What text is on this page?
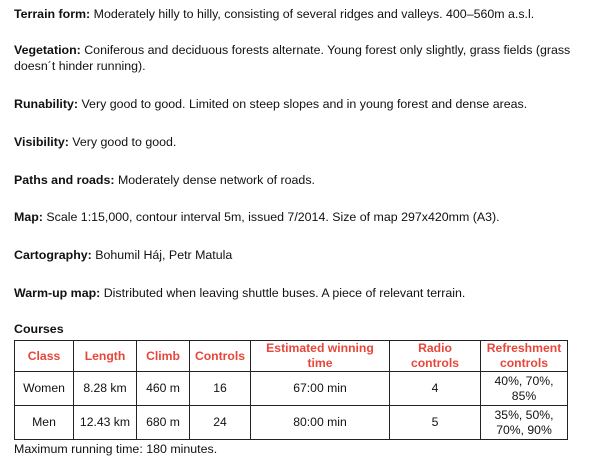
Terrain form: Moderately hilly to hilly, consisting of several ridges and valleys. 400–560m a.s.l.
Vegetation: Coniferous and deciduous forests alternate. Young forest only slightly, grass fields (grass doesn´t hinder running).
Runability: Very good to good. Limited on steep slopes and in young forest and dense areas.
Visibility: Very good to good.
Paths and roads: Moderately dense network of roads.
Map: Scale 1:15,000, contour interval 5m, issued 7/2014. Size of map 297x420mm (A3).
Cartography: Bohumil Háj, Petr Matula
Warm-up map: Distributed when leaving shuttle buses. A piece of relevant terrain.
Courses
Class	Length	Climb	Controls	Estimated winning time	Radio controls	Refreshment controls
Women	8.28 km	460 m	16	67:00 min	4	40%, 70%, 85%
Men	12.43 km	680 m	24	80:00 min	5	35%, 50%, 70%, 90%
Maximum running time: 180 minutes.
